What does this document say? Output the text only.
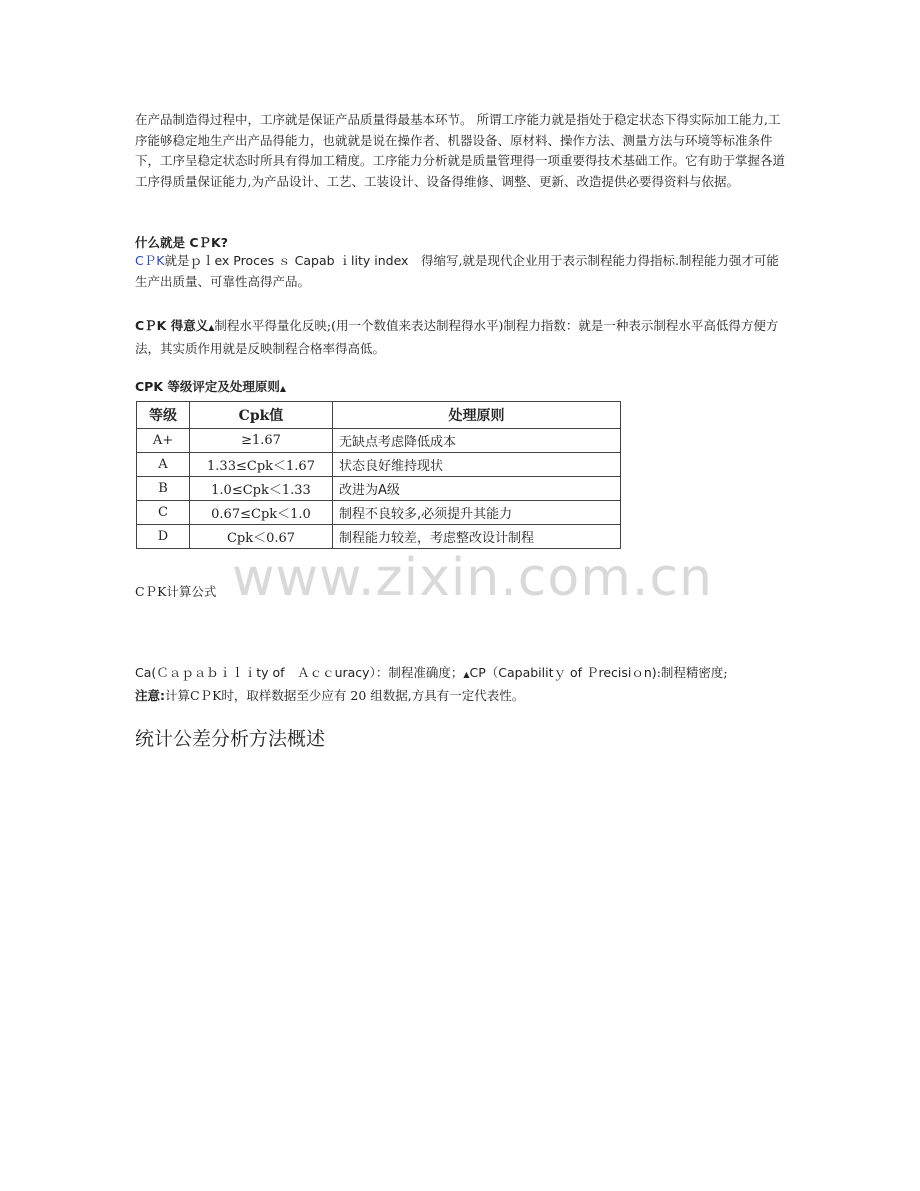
www.zixin.com.cn

在产品制造得过程中，工序就是保证产品质量得最基本环节。 所谓工序能力就是指处于稳定状态下得实际加工能力,工序能够稳定地生产出产品得能力，也就就是说在操作者、机器设备、原材料、操作方法、测量方法与环境等标准条件下，工序呈稳定状态时所具有得加工精度。工序能力分析就是质量管理得一项重要得技术基础工作。它有助于掌握各道工序得质量保证能力,为产品设计、工艺、工装设计、设备得维修、调整、更新、改造提供必要得资料与依据。

什么就是 CＰK?

CＰK就是ｐｌex Proces ｓ Capab ｉlity index　 得缩写,就是现代企业用于表示制程能力得指标.制程能力强才可能生产出质量、可靠性高得产品。

CＰK 得意义▲制程水平得量化反映;(用一个数值来表达制程得水平)制程力指数：就是一种表示制程水平高低得方便方法，其实质作用就是反映制程合格率得高低。

CPK 等级评定及处理原则▲
等级	Cpk值	处理原则
A+	≥1.67	无缺点考虑降低成本
A	1.33≤Cpk＜1.67	状态良好维持现状
B	1.0≤Cpk＜1.33	改进为A级
C	0.67≤Cpk＜1.0	制程不良较多,必须提升其能力
D	Cpk＜0.67	制程能力较差，考虑整改设计制程
CＰK计算公式
Ca(Ｃａｐａｂｉｌｉty of　Ａｃｃuracy）：制程准确度；▲CP（Capabilitｙ of Ｐrecisiｏn):制程精密度;
注意:计算CＰK时，取样数据至少应有 20 组数据,方具有一定代表性。
统计公差分析方法概述
